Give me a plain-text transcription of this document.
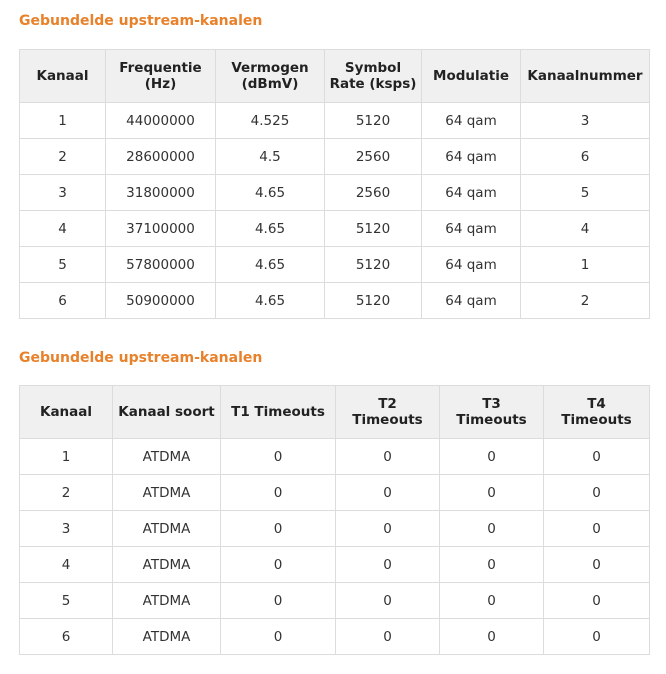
Gebundelde upstream-kanalen
Kanaal	Frequentie (Hz)	Vermogen (dBmV)	Symbol Rate (ksps)	Modulatie	Kanaalnummer
1	44000000	4.525	5120	64 qam	3
2	28600000	4.5	2560	64 qam	6
3	31800000	4.65	2560	64 qam	5
4	37100000	4.65	5120	64 qam	4
5	57800000	4.65	5120	64 qam	1
6	50900000	4.65	5120	64 qam	2
Gebundelde upstream-kanalen
Kanaal	Kanaal soort	T1 Timeouts	T2 Timeouts	T3 Timeouts	T4 Timeouts
1	ATDMA	0	0	0	0
2	ATDMA	0	0	0	0
3	ATDMA	0	0	0	0
4	ATDMA	0	0	0	0
5	ATDMA	0	0	0	0
6	ATDMA	0	0	0	0
